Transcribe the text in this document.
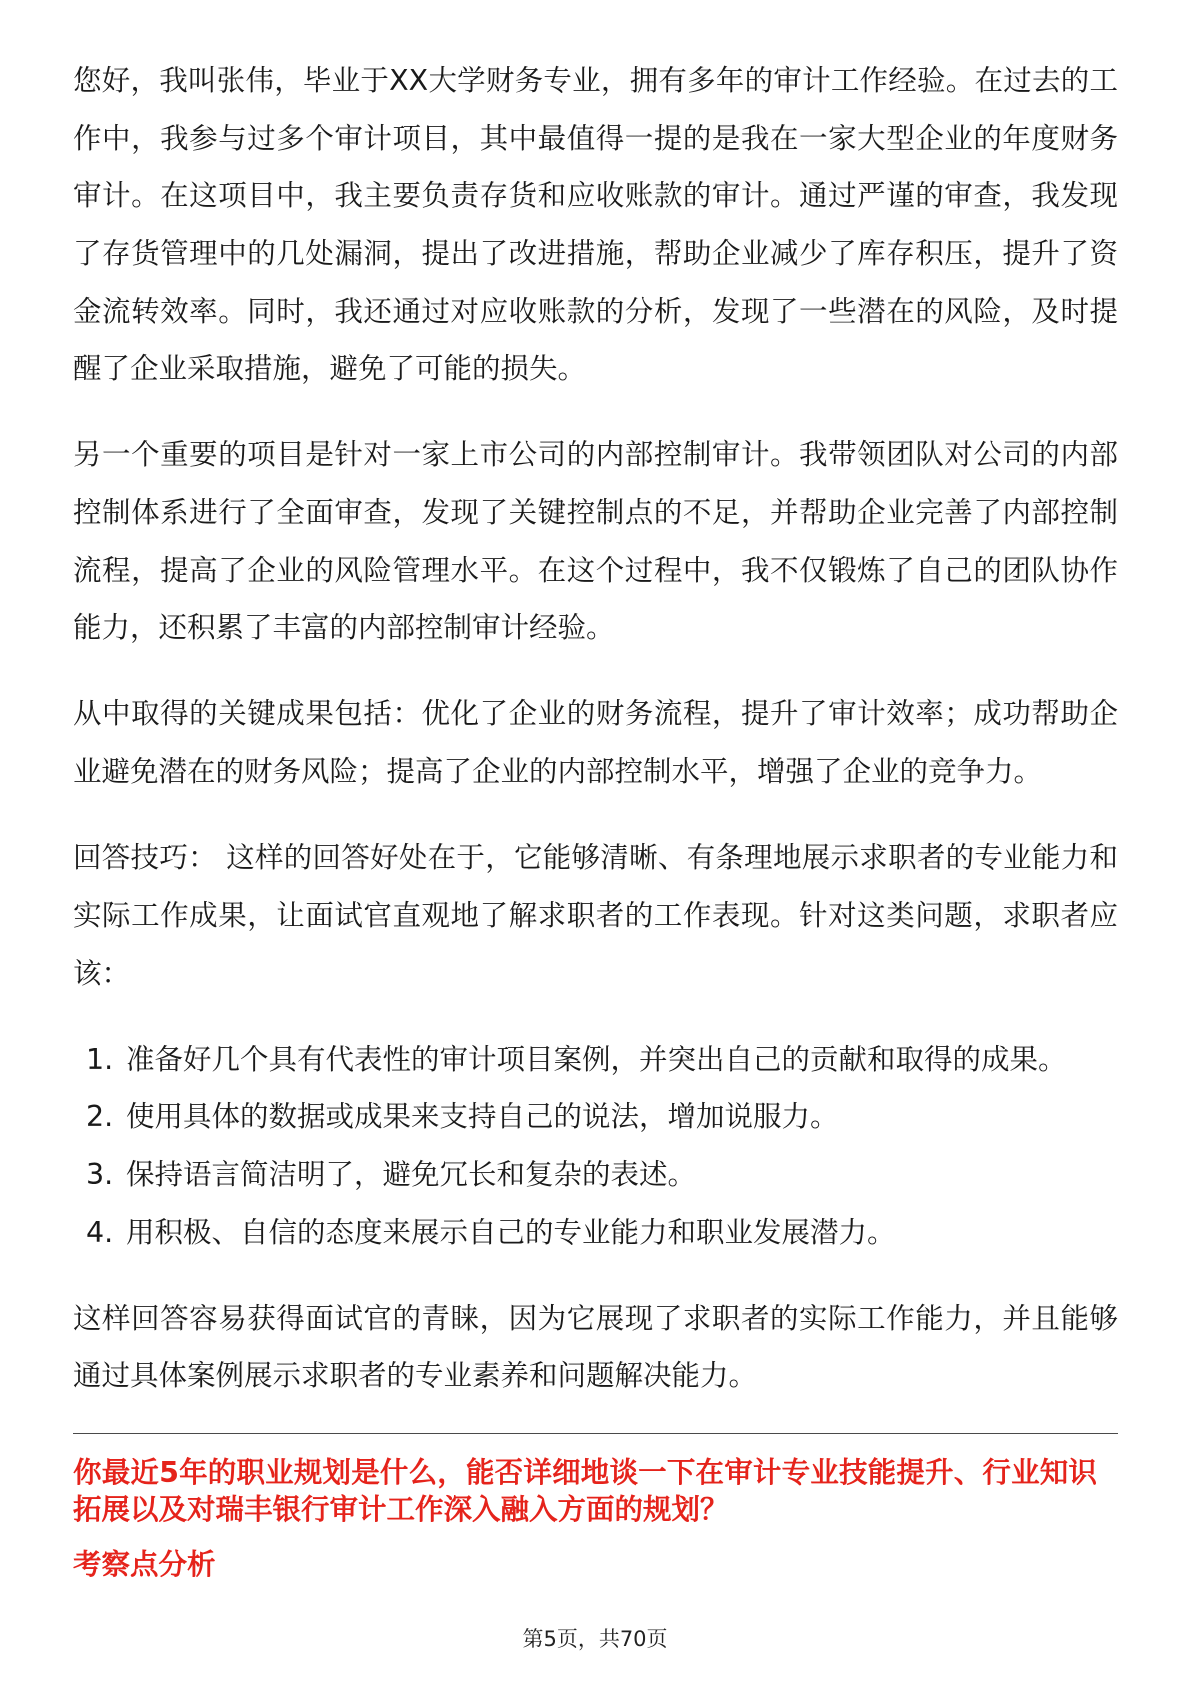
您好，我叫张伟，毕业于XX大学财务专业，拥有多年的审计工作经验。在过去的工
作中，我参与过多个审计项目，其中最值得一提的是我在一家大型企业的年度财务
审计。在这项目中，我主要负责存货和应收账款的审计。通过严谨的审查，我发现
了存货管理中的几处漏洞，提出了改进措施，帮助企业减少了库存积压，提升了资
金流转效率。同时，我还通过对应收账款的分析，发现了一些潜在的风险，及时提
醒了企业采取措施，避免了可能的损失。
另一个重要的项目是针对一家上市公司的内部控制审计。我带领团队对公司的内部
控制体系进行了全面审查，发现了关键控制点的不足，并帮助企业完善了内部控制
流程，提高了企业的风险管理水平。在这个过程中，我不仅锻炼了自己的团队协作
能力，还积累了丰富的内部控制审计经验。
从中取得的关键成果包括：优化了企业的财务流程，提升了审计效率；成功帮助企
业避免潜在的财务风险；提高了企业的内部控制水平，增强了企业的竞争力。
回答技巧： 这样的回答好处在于，它能够清晰、有条理地展示求职者的专业能力和
实际工作成果，让面试官直观地了解求职者的工作表现。针对这类问题，求职者应
该：
1. 准备好几个具有代表性的审计项目案例，并突出自己的贡献和取得的成果。
2. 使用具体的数据或成果来支持自己的说法，增加说服力。
3. 保持语言简洁明了，避免冗长和复杂的表述。
4. 用积极、自信的态度来展示自己的专业能力和职业发展潜力。
这样回答容易获得面试官的青睐，因为它展现了求职者的实际工作能力，并且能够
通过具体案例展示求职者的专业素养和问题解决能力。
你最近5年的职业规划是什么，能否详细地谈一下在审计专业技能提升、行业知识
拓展以及对瑞丰银行审计工作深入融入方面的规划？
考察点分析
第5页，共70页
